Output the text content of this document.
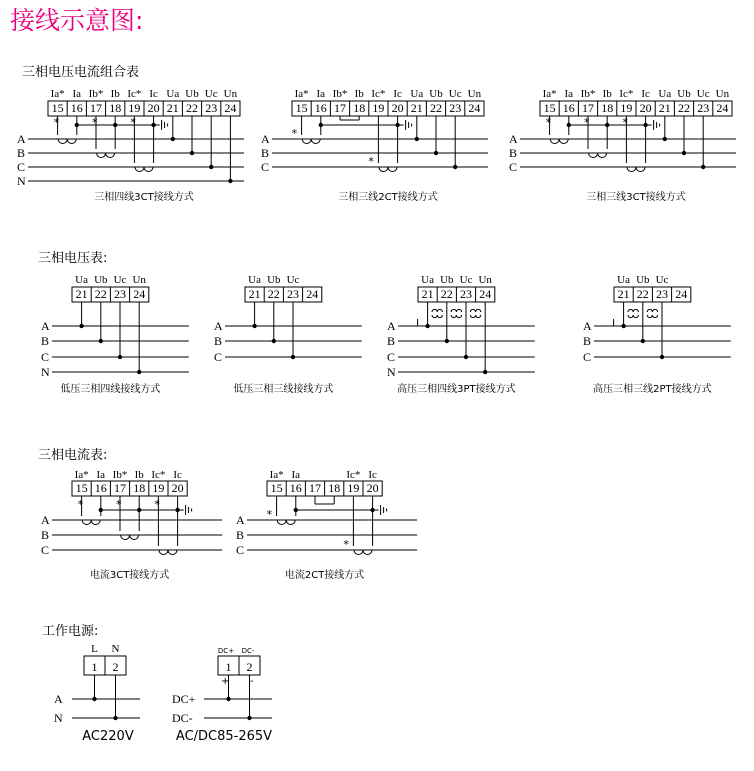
接线示意图:
三相电压电流组合表
Ia* Ia Ib* Ib Ic* Ic Ua Ub Uc Un
15 16 17 18 19 20 21 22 23 24
A
B
C
N
*	*	*
三相四线3CT接线方式
Ia* Ia Ib* Ib Ic* Ic Ua Ub Uc Un
15 16 17 18 19 20 21 22 23 24
A
B
C
*
*
三相三线2CT接线方式
Ia* Ia Ib* Ib Ic* Ic Ua Ub Uc Un
15 16 17 18 19 20 21 22 23 24
A
B
C
*	*	*
三相三线3CT接线方式
三相电压表:
Ua Ub Uc Un
21 22 23 24
A
B
C
N
低压三相四线接线方式
Ua Ub Uc
21 22 23 24
A
B
C
低压三相三线接线方式
Ua Ub Uc Un
21 22 23 24
A
B
C
N
高压三相四线3PT接线方式
Ua Ub Uc
21 22 23 24
A
B
C
高压三相三线2PT接线方式
三相电流表:
Ia* Ia Ib* Ib Ic* Ic
15 16 17 18 19 20
A
B
C
*	*	*
电流3CT接线方式
Ia* Ia	Ic* Ic
15 16 17 18 19 20
A
B
C
*
*
电流2CT接线方式
工作电源:
L N
1 2
A
N
AC220V
DC+ DC-
1 2
+ -
DC+
DC-
AC/DC85-265V
